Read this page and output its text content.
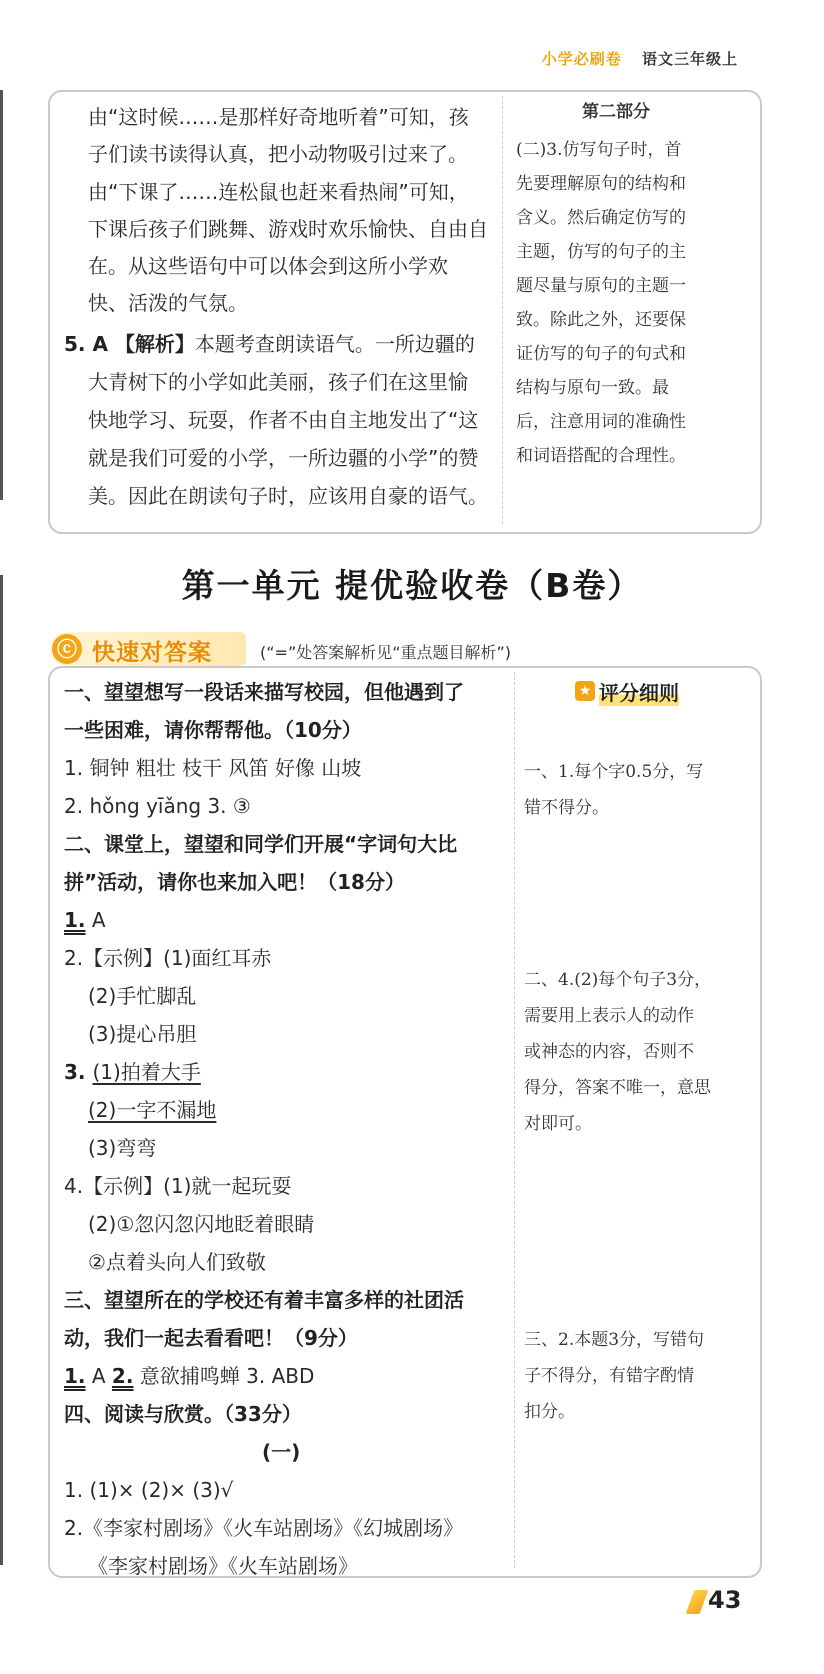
小学必刷卷 语文三年级上
由“这时候……是那样好奇地听着”可知，孩
子们读书读得认真，把小动物吸引过来了。
由“下课了……连松鼠也赶来看热闹”可知，
下课后孩子们跳舞、游戏时欢乐愉快、自由自
在。从这些语句中可以体会到这所小学欢
快、活泼的气氛。
5. A 【解析】本题考查朗读语气。一所边疆的
大青树下的小学如此美丽，孩子们在这里愉
快地学习、玩耍，作者不由自主地发出了“这
就是我们可爱的小学，一所边疆的小学”的赞
美。因此在朗读句子时，应该用自豪的语气。
第二部分
(二)3.仿写句子时，首
先要理解原句的结构和
含义。然后确定仿写的
主题，仿写的句子的主
题尽量与原句的主题一
致。除此之外，还要保
证仿写的句子的句式和
结构与原句一致。最
后，注意用词的准确性
和词语搭配的合理性。
第一单元 提优验收卷（B卷）
ⓒ 快速对答案	(“=”处答案解析见“重点题目解析”)
★ 评分细则
一、望望想写一段话来描写校园，但他遇到了
一些困难，请你帮帮他。（10分）
1. 铜钟 粗壮 枝干 风笛 好像 山坡
2. hǒng yīǎng 3. ③
二、课堂上，望望和同学们开展“字词句大比
拼”活动，请你也来加入吧！（18分）
1. A
2.【示例】(1)面红耳赤
(2)手忙脚乱
(3)提心吊胆
3. (1)拍着大手
(2)一字不漏地
(3)弯弯
4.【示例】(1)就一起玩耍
(2)①忽闪忽闪地眨着眼睛
②点着头向人们致敬
三、望望所在的学校还有着丰富多样的社团活
动，我们一起去看看吧！（9分）
1. A 2. 意欲捕鸣蝉 3. ABD
四、阅读与欣赏。（33分）
(一)
1. (1)× (2)× (3)√
2.《李家村剧场》《火车站剧场》《幻城剧场》
《李家村剧场》《火车站剧场》
一、1.每个字0.5分，写
错不得分。
二、4.(2)每个句子3分，
需要用上表示人的动作
或神态的内容，否则不
得分，答案不唯一，意思
对即可。
三、2.本题3分，写错句
子不得分，有错字酌情
扣分。
43
